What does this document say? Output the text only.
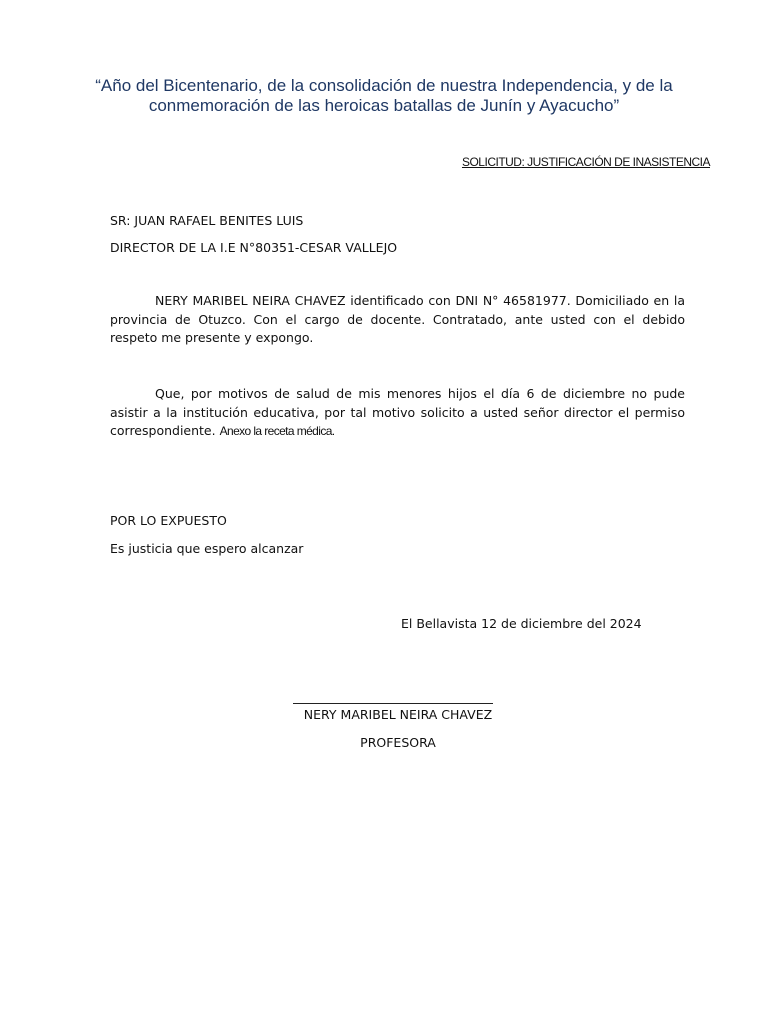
“Año del Bicentenario, de la consolidación de nuestra Independencia, y de la conmemoración de las heroicas batallas de Junín y Ayacucho”
SOLICITUD: JUSTIFICACIÓN DE INASISTENCIA
SR: JUAN RAFAEL BENITES LUIS
DIRECTOR DE LA I.E N°80351-CESAR VALLEJO
NERY MARIBEL NEIRA CHAVEZ identificado con DNI N° 46581977. Domiciliado en la provincia de Otuzco. Con el cargo de docente. Contratado, ante usted con el debido respeto me presente y expongo.
Que, por motivos de salud de mis menores hijos el día 6 de diciembre no pude asistir a la institución educativa, por tal motivo solicito a usted señor director el permiso correspondiente. Anexo la receta médica.
POR LO EXPUESTO
Es justicia que espero alcanzar
El Bellavista 12 de diciembre del 2024
NERY MARIBEL NEIRA CHAVEZ
PROFESORA
